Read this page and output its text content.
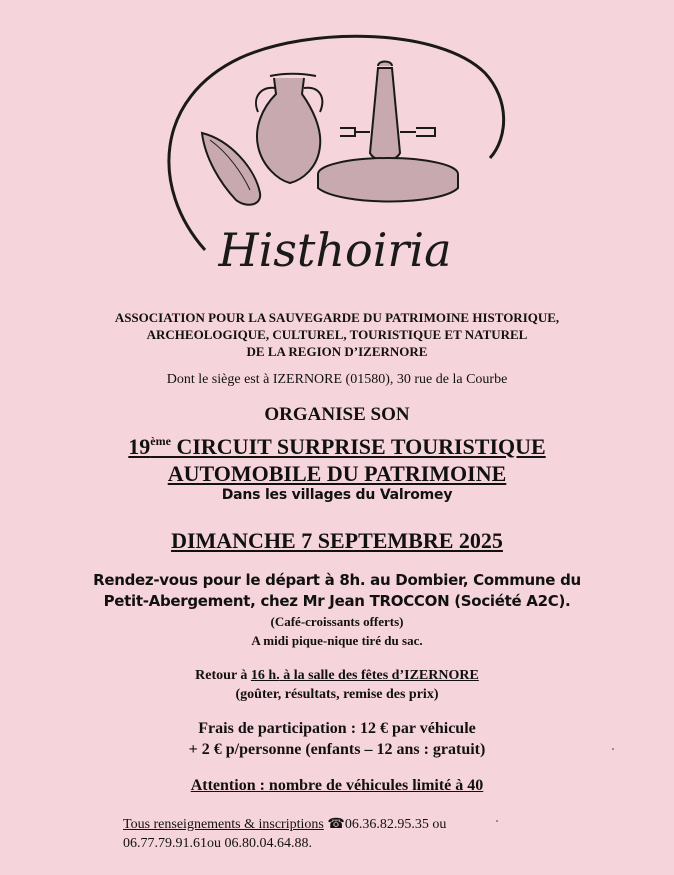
Histhoiria

ASSOCIATION POUR LA SAUVEGARDE DU PATRIMOINE HISTORIQUE,
ARCHEOLOGIQUE, CULTUREL, TOURISTIQUE ET NATUREL
DE LA REGION D’IZERNORE

Dont le siège est à IZERNORE (01580), 30 rue de la Courbe

ORGANISE SON

19ème CIRCUIT SURPRISE TOURISTIQUE
AUTOMOBILE DU PATRIMOINE

Dans les villages du Valromey

DIMANCHE 7 SEPTEMBRE 2025

Rendez-vous pour le départ à 8h. au Dombier, Commune du
Petit-Abergement, chez Mr Jean TROCCON (Société A2C).

(Café-croissants offerts)
A midi pique-nique tiré du sac.

Retour à 16 h. à la salle des fêtes d’IZERNORE
(goûter, résultats, remise des prix)

Frais de participation : 12 € par véhicule
+ 2 € p/personne (enfants – 12 ans : gratuit)

Attention : nombre de véhicules limité à 40

Tous renseignements & inscriptions ☎ 06.36.82.95.35 ou
06.77.79.91.61ou 06.80.04.64.88.
